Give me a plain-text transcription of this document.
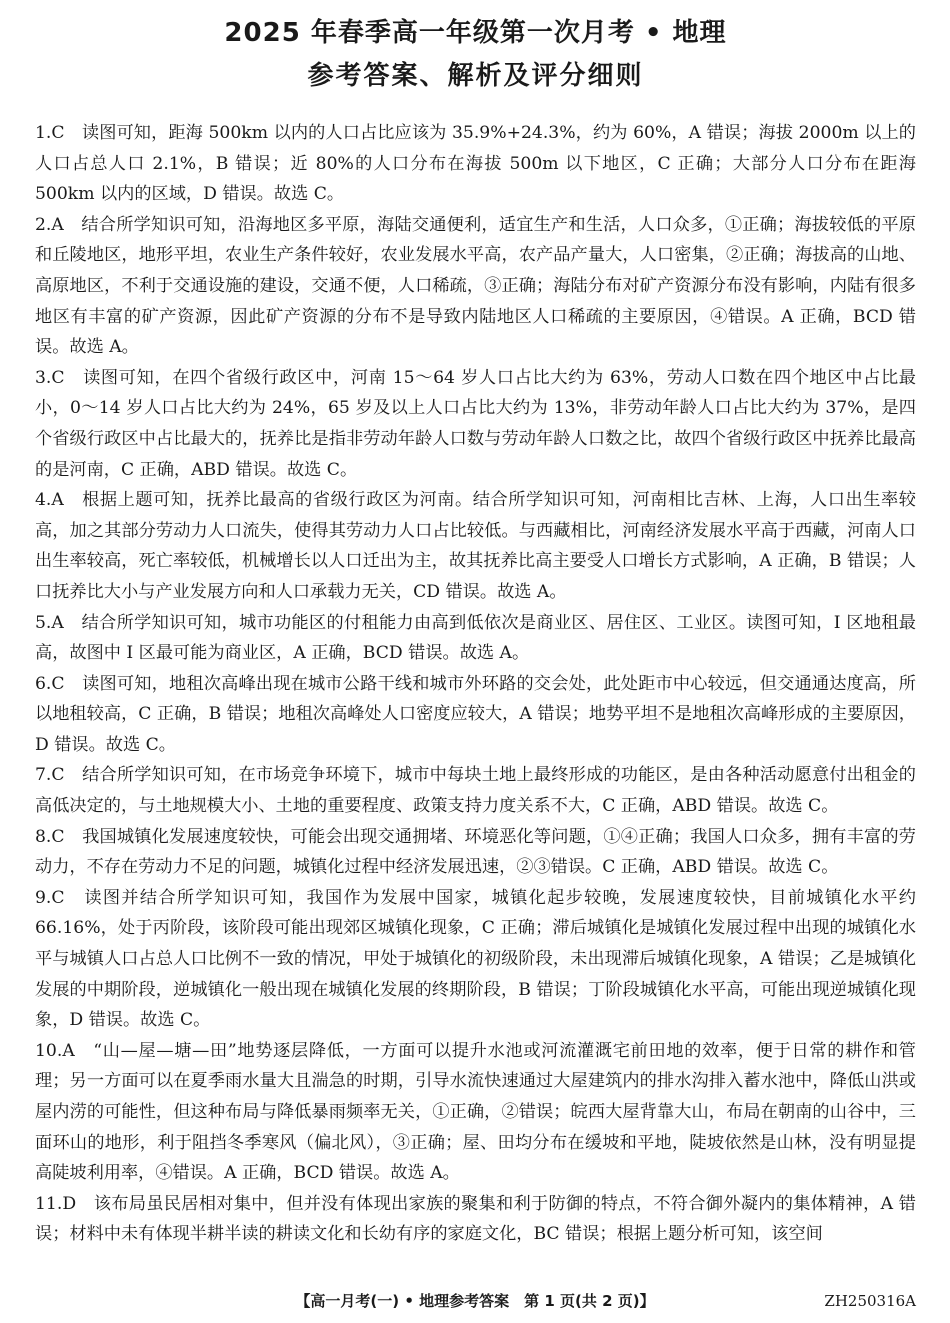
2025 年春季高一年级第一次月考 • 地理
参考答案、解析及评分细则

1.C　读图可知，距海 500km 以内的人口占比应该为 35.9%+24.3%，约为 60%，A 错误；海拔 2000m 以上的人口占总人口 2.1%，B 错误；近 80%的人口分布在海拔 500m 以下地区，C 正确；大部分人口分布在距海 500km 以内的区域，D 错误。故选 C。

2.A　结合所学知识可知，沿海地区多平原，海陆交通便利，适宜生产和生活，人口众多，①正确；海拔较低的平原和丘陵地区，地形平坦，农业生产条件较好，农业发展水平高，农产品产量大，人口密集，②正确；海拔高的山地、高原地区，不利于交通设施的建设，交通不便，人口稀疏，③正确；海陆分布对矿产资源分布没有影响，内陆有很多地区有丰富的矿产资源，因此矿产资源的分布不是导致内陆地区人口稀疏的主要原因，④错误。A 正确，BCD 错误。故选 A。

3.C　读图可知，在四个省级行政区中，河南 15～64 岁人口占比大约为 63%，劳动人口数在四个地区中占比最小，0～14 岁人口占比大约为 24%，65 岁及以上人口占比大约为 13%，非劳动年龄人口占比大约为 37%，是四个省级行政区中占比最大的，抚养比是指非劳动年龄人口数与劳动年龄人口数之比，故四个省级行政区中抚养比最高的是河南，C 正确，ABD 错误。故选 C。

4.A　根据上题可知，抚养比最高的省级行政区为河南。结合所学知识可知，河南相比吉林、上海，人口出生率较高，加之其部分劳动力人口流失，使得其劳动力人口占比较低。与西藏相比，河南经济发展水平高于西藏，河南人口出生率较高，死亡率较低，机械增长以人口迁出为主，故其抚养比高主要受人口增长方式影响，A 正确，B 错误；人口抚养比大小与产业发展方向和人口承载力无关，CD 错误。故选 A。

5.A　结合所学知识可知，城市功能区的付租能力由高到低依次是商业区、居住区、工业区。读图可知，I 区地租最高，故图中 I 区最可能为商业区，A 正确，BCD 错误。故选 A。

6.C　读图可知，地租次高峰出现在城市公路干线和城市外环路的交会处，此处距市中心较远，但交通通达度高，所以地租较高，C 正确，B 错误；地租次高峰处人口密度应较大，A 错误；地势平坦不是地租次高峰形成的主要原因，D 错误。故选 C。

7.C　结合所学知识可知，在市场竞争环境下，城市中每块土地上最终形成的功能区，是由各种活动愿意付出租金的高低决定的，与土地规模大小、土地的重要程度、政策支持力度关系不大，C 正确，ABD 错误。故选 C。

8.C　我国城镇化发展速度较快，可能会出现交通拥堵、环境恶化等问题，①④正确；我国人口众多，拥有丰富的劳动力，不存在劳动力不足的问题，城镇化过程中经济发展迅速，②③错误。C 正确，ABD 错误。故选 C。

9.C　读图并结合所学知识可知，我国作为发展中国家，城镇化起步较晚，发展速度较快，目前城镇化水平约 66.16%，处于丙阶段，该阶段可能出现郊区城镇化现象，C 正确；滞后城镇化是城镇化发展过程中出现的城镇化水平与城镇人口占总人口比例不一致的情况，甲处于城镇化的初级阶段，未出现滞后城镇化现象，A 错误；乙是城镇化发展的中期阶段，逆城镇化一般出现在城镇化发展的终期阶段，B 错误；丁阶段城镇化水平高，可能出现逆城镇化现象，D 错误。故选 C。

10.A　“山—屋—塘—田”地势逐层降低，一方面可以提升水池或河流灌溉宅前田地的效率，便于日常的耕作和管理；另一方面可以在夏季雨水量大且湍急的时期，引导水流快速通过大屋建筑内的排水沟排入蓄水池中，降低山洪或屋内涝的可能性，但这种布局与降低暴雨频率无关，①正确，②错误；皖西大屋背靠大山，布局在朝南的山谷中，三面环山的地形，利于阻挡冬季寒风（偏北风），③正确；屋、田均分布在缓坡和平地，陡坡依然是山林，没有明显提高陡坡利用率，④错误。A 正确，BCD 错误。故选 A。

11.D　该布局虽民居相对集中，但并没有体现出家族的聚集和利于防御的特点，不符合御外凝内的集体精神，A 错误；材料中未有体现半耕半读的耕读文化和长幼有序的家庭文化，BC 错误；根据上题分析可知，该空间

【高一月考(一) • 地理参考答案　第 1 页(共 2 页)】	ZH250316A
